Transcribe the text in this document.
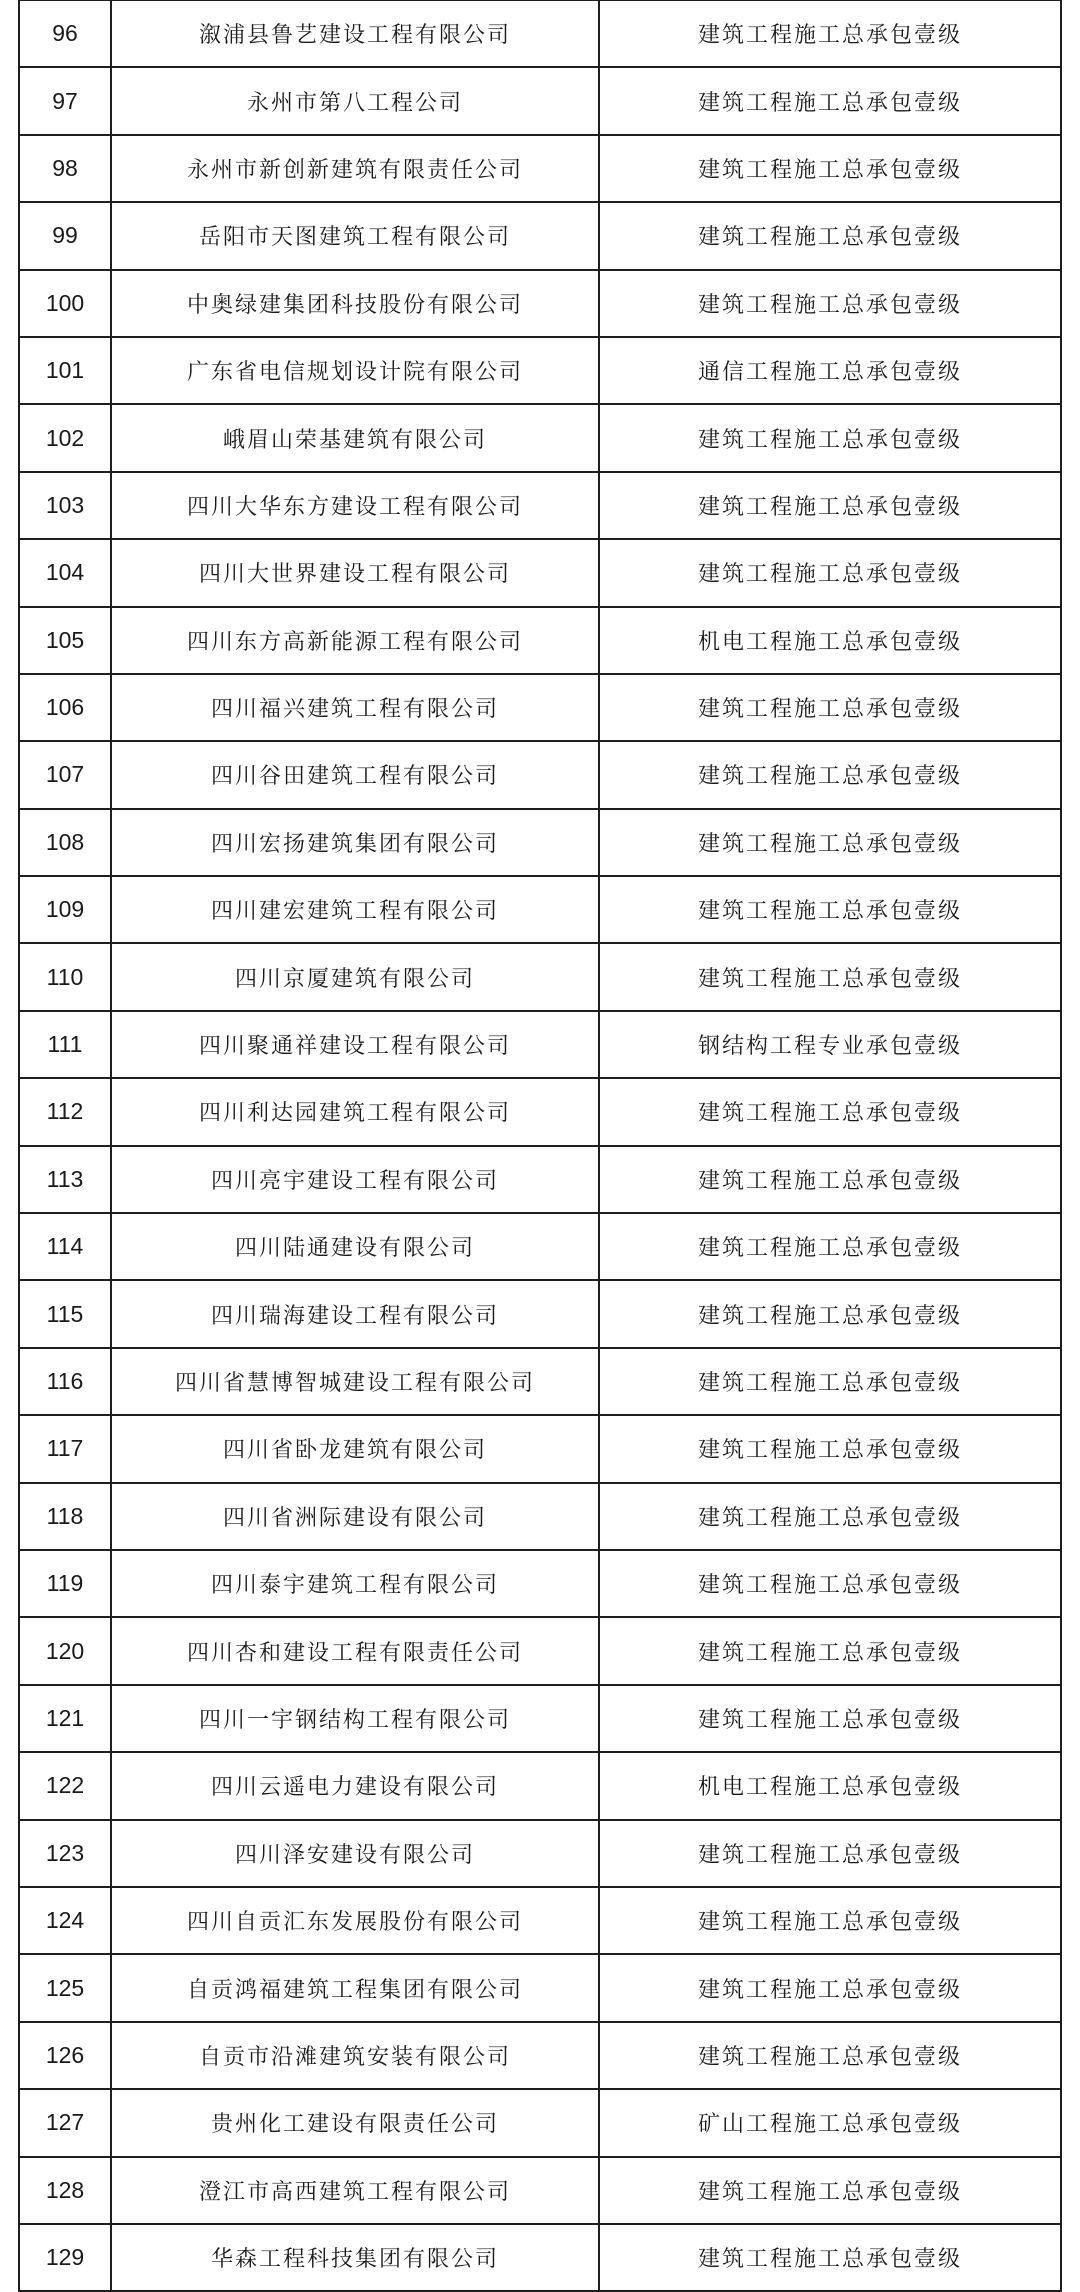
96	溆浦县鲁艺建设工程有限公司	建筑工程施工总承包壹级
97	永州市第八工程公司	建筑工程施工总承包壹级
98	永州市新创新建筑有限责任公司	建筑工程施工总承包壹级
99	岳阳市天图建筑工程有限公司	建筑工程施工总承包壹级
100	中奥绿建集团科技股份有限公司	建筑工程施工总承包壹级
101	广东省电信规划设计院有限公司	通信工程施工总承包壹级
102	峨眉山荣基建筑有限公司	建筑工程施工总承包壹级
103	四川大华东方建设工程有限公司	建筑工程施工总承包壹级
104	四川大世界建设工程有限公司	建筑工程施工总承包壹级
105	四川东方高新能源工程有限公司	机电工程施工总承包壹级
106	四川福兴建筑工程有限公司	建筑工程施工总承包壹级
107	四川谷田建筑工程有限公司	建筑工程施工总承包壹级
108	四川宏扬建筑集团有限公司	建筑工程施工总承包壹级
109	四川建宏建筑工程有限公司	建筑工程施工总承包壹级
110	四川京厦建筑有限公司	建筑工程施工总承包壹级
111	四川聚通祥建设工程有限公司	钢结构工程专业承包壹级
112	四川利达园建筑工程有限公司	建筑工程施工总承包壹级
113	四川亮宇建设工程有限公司	建筑工程施工总承包壹级
114	四川陆通建设有限公司	建筑工程施工总承包壹级
115	四川瑞海建设工程有限公司	建筑工程施工总承包壹级
116	四川省慧博智城建设工程有限公司	建筑工程施工总承包壹级
117	四川省卧龙建筑有限公司	建筑工程施工总承包壹级
118	四川省洲际建设有限公司	建筑工程施工总承包壹级
119	四川泰宇建筑工程有限公司	建筑工程施工总承包壹级
120	四川杏和建设工程有限责任公司	建筑工程施工总承包壹级
121	四川一宇钢结构工程有限公司	建筑工程施工总承包壹级
122	四川云遥电力建设有限公司	机电工程施工总承包壹级
123	四川泽安建设有限公司	建筑工程施工总承包壹级
124	四川自贡汇东发展股份有限公司	建筑工程施工总承包壹级
125	自贡鸿福建筑工程集团有限公司	建筑工程施工总承包壹级
126	自贡市沿滩建筑安装有限公司	建筑工程施工总承包壹级
127	贵州化工建设有限责任公司	矿山工程施工总承包壹级
128	澄江市高西建筑工程有限公司	建筑工程施工总承包壹级
129	华森工程科技集团有限公司	建筑工程施工总承包壹级
